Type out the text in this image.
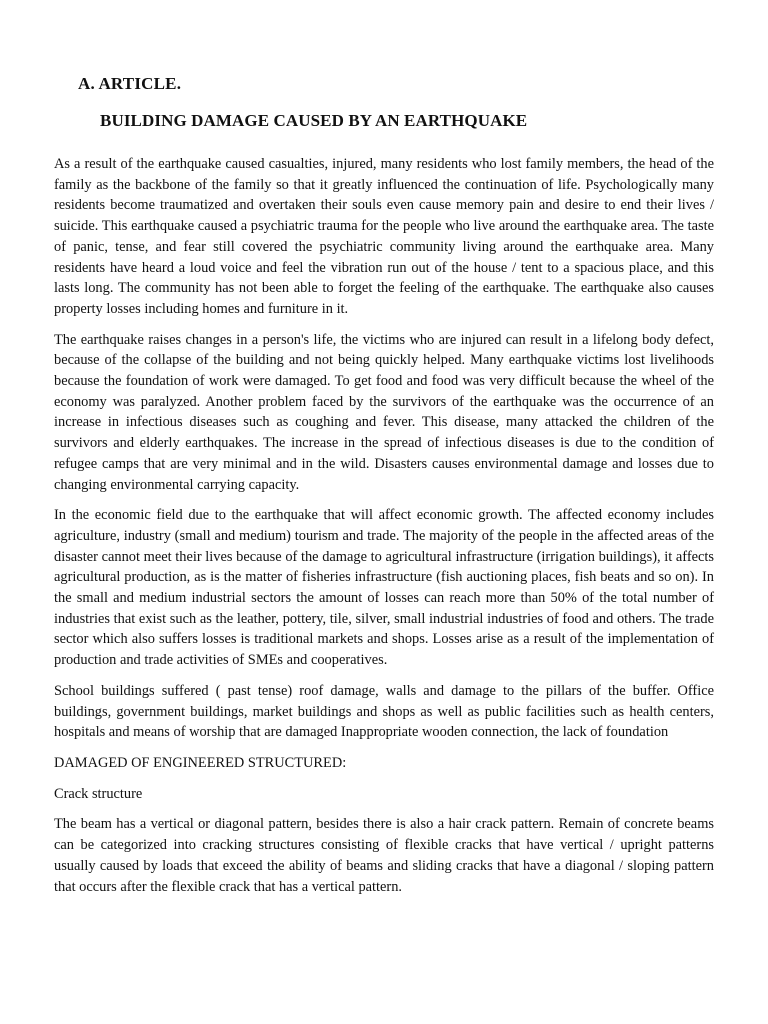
A. ARTICLE.
BUILDING DAMAGE CAUSED BY AN EARTHQUAKE

As a result of the earthquake caused casualties, injured, many residents who lost family members, the head of the family as the backbone of the family so that it greatly influenced the continuation of life. Psychologically many residents become traumatized and overtaken their souls even cause memory pain and desire to end their lives / suicide. This earthquake caused a psychiatric trauma for the people who live around the earthquake area. The taste of panic, tense, and fear still covered the psychiatric community living around the earthquake area. Many residents have heard a loud voice and feel the vibration run out of the house / tent to a spacious place, and this lasts long. The community has not been able to forget the feeling of the earthquake. The earthquake also causes property losses including homes and furniture in it.

The earthquake raises changes in a person's life, the victims who are injured can result in a lifelong body defect, because of the collapse of the building and not being quickly helped. Many earthquake victims lost livelihoods because the foundation of work were damaged. To get food and food was very difficult because the wheel of the economy was paralyzed. Another problem faced by the survivors of the earthquake was the occurrence of an increase in infectious diseases such as coughing and fever. This disease, many attacked the children of the survivors and elderly earthquakes. The increase in the spread of infectious diseases is due to the condition of refugee camps that are very minimal and in the wild. Disasters causes environmental damage and losses due to changing environmental carrying capacity.

In the economic field due to the earthquake that will affect economic growth. The affected economy includes agriculture, industry (small and medium) tourism and trade. The majority of the people in the affected areas of the disaster cannot meet their lives because of the damage to agricultural infrastructure (irrigation buildings), it affects agricultural production, as is the matter of fisheries infrastructure (fish auctioning places, fish beats and so on). In the small and medium industrial sectors the amount of losses can reach more than 50% of the total number of industries that exist such as the leather, pottery, tile, silver, small industrial industries of food and others. The trade sector which also suffers losses is traditional markets and shops. Losses arise as a result of the implementation of production and trade activities of SMEs and cooperatives.

School buildings suffered ( past tense) roof damage, walls and damage to the pillars of the buffer. Office buildings, government buildings, market buildings and shops as well as public facilities such as health centers, hospitals and means of worship that are damaged Inappropriate wooden connection, the lack of foundation

DAMAGED OF ENGINEERED STRUCTURED:

Crack structure

The beam has a vertical or diagonal pattern, besides there is also a hair crack pattern. Remain of concrete beams can be categorized into cracking structures consisting of flexible cracks that have vertical / upright patterns usually caused by loads that exceed the ability of beams and sliding cracks that have a diagonal / sloping pattern that occurs after the flexible crack that has a vertical pattern.
